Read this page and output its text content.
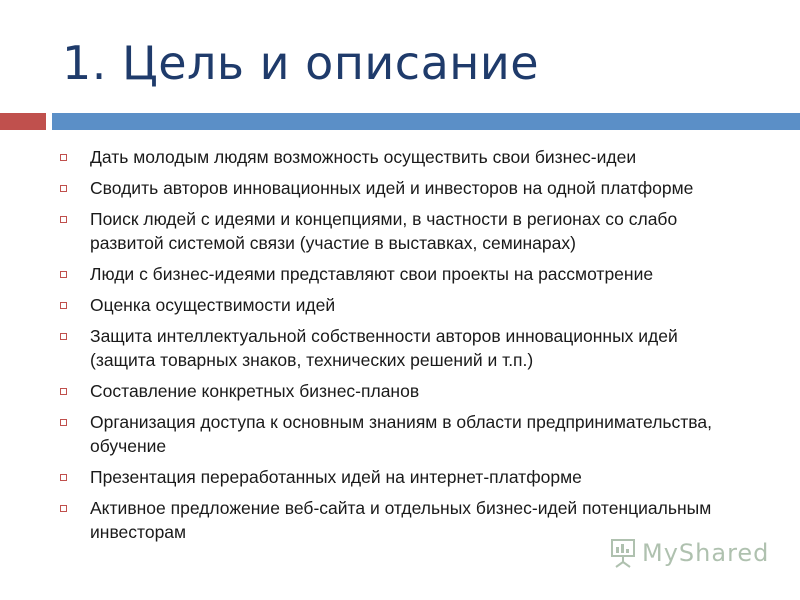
1. Цель и описание
Дать молодым людям возможность осуществить свои бизнес-идеи
Сводить авторов инновационных идей и инвесторов на одной платформе
Поиск людей с идеями и концепциями, в частности в регионах со слабо развитой системой связи (участие в выставках, семинарах)
Люди с бизнес-идеями представляют свои проекты на рассмотрение
Оценка осуществимости идей
Защита интеллектуальной собственности авторов инновационных идей (защита товарных знаков, технических решений и т.п.)
Составление конкретных бизнес-планов
Организация доступа к основным знаниям в области предпринимательства, обучение
Презентация переработанных идей на интернет-платформе
Активное предложение веб-сайта и отдельных бизнес-идей потенциальным инвесторам
MyShared
